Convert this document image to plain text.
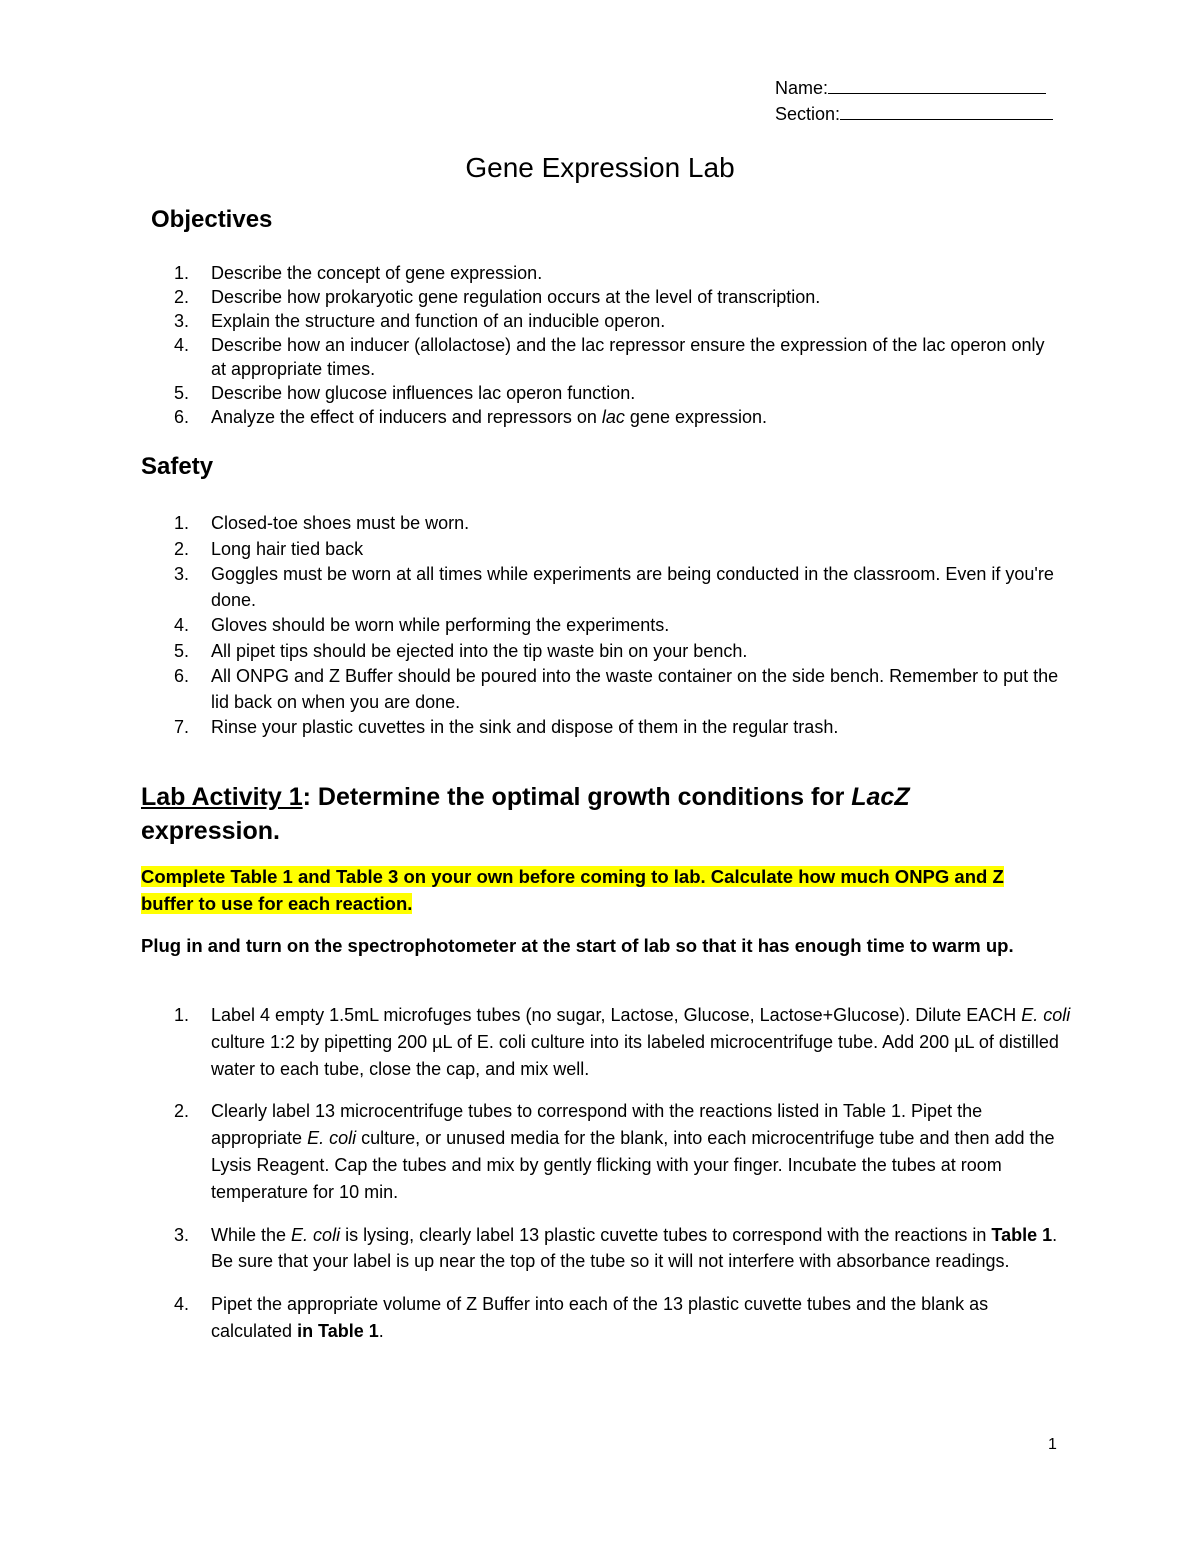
Name:
Section:
Gene Expression Lab
Objectives
1. Describe the concept of gene expression.
2. Describe how prokaryotic gene regulation occurs at the level of transcription.
3. Explain the structure and function of an inducible operon.
4. Describe how an inducer (allolactose) and the lac repressor ensure the expression of the lac operon only at appropriate times.
5. Describe how glucose influences lac operon function.
6. Analyze the effect of inducers and repressors on lac gene expression.
Safety
1. Closed-toe shoes must be worn.
2. Long hair tied back
3. Goggles must be worn at all times while experiments are being conducted in the classroom. Even if you're done.
4. Gloves should be worn while performing the experiments.
5. All pipet tips should be ejected into the tip waste bin on your bench.
6. All ONPG and Z Buffer should be poured into the waste container on the side bench. Remember to put the lid back on when you are done.
7. Rinse your plastic cuvettes in the sink and dispose of them in the regular trash.
Lab Activity 1: Determine the optimal growth conditions for LacZ expression.

Complete Table 1 and Table 3 on your own before coming to lab. Calculate how much ONPG and Z buffer to use for each reaction.

Plug in and turn on the spectrophotometer at the start of lab so that it has enough time to warm up.

1. Label 4 empty 1.5mL microfuges tubes (no sugar, Lactose, Glucose, Lactose+Glucose). Dilute EACH E. coli culture 1:2 by pipetting 200 µL of E. coli culture into its labeled microcentrifuge tube. Add 200 µL of distilled water to each tube, close the cap, and mix well.
2. Clearly label 13 microcentrifuge tubes to correspond with the reactions listed in Table 1. Pipet the appropriate E. coli culture, or unused media for the blank, into each microcentrifuge tube and then add the Lysis Reagent. Cap the tubes and mix by gently flicking with your finger. Incubate the tubes at room temperature for 10 min.
3. While the E. coli is lysing, clearly label 13 plastic cuvette tubes to correspond with the reactions in Table 1. Be sure that your label is up near the top of the tube so it will not interfere with absorbance readings.
4. Pipet the appropriate volume of Z Buffer into each of the 13 plastic cuvette tubes and the blank as calculated in Table 1.
1
